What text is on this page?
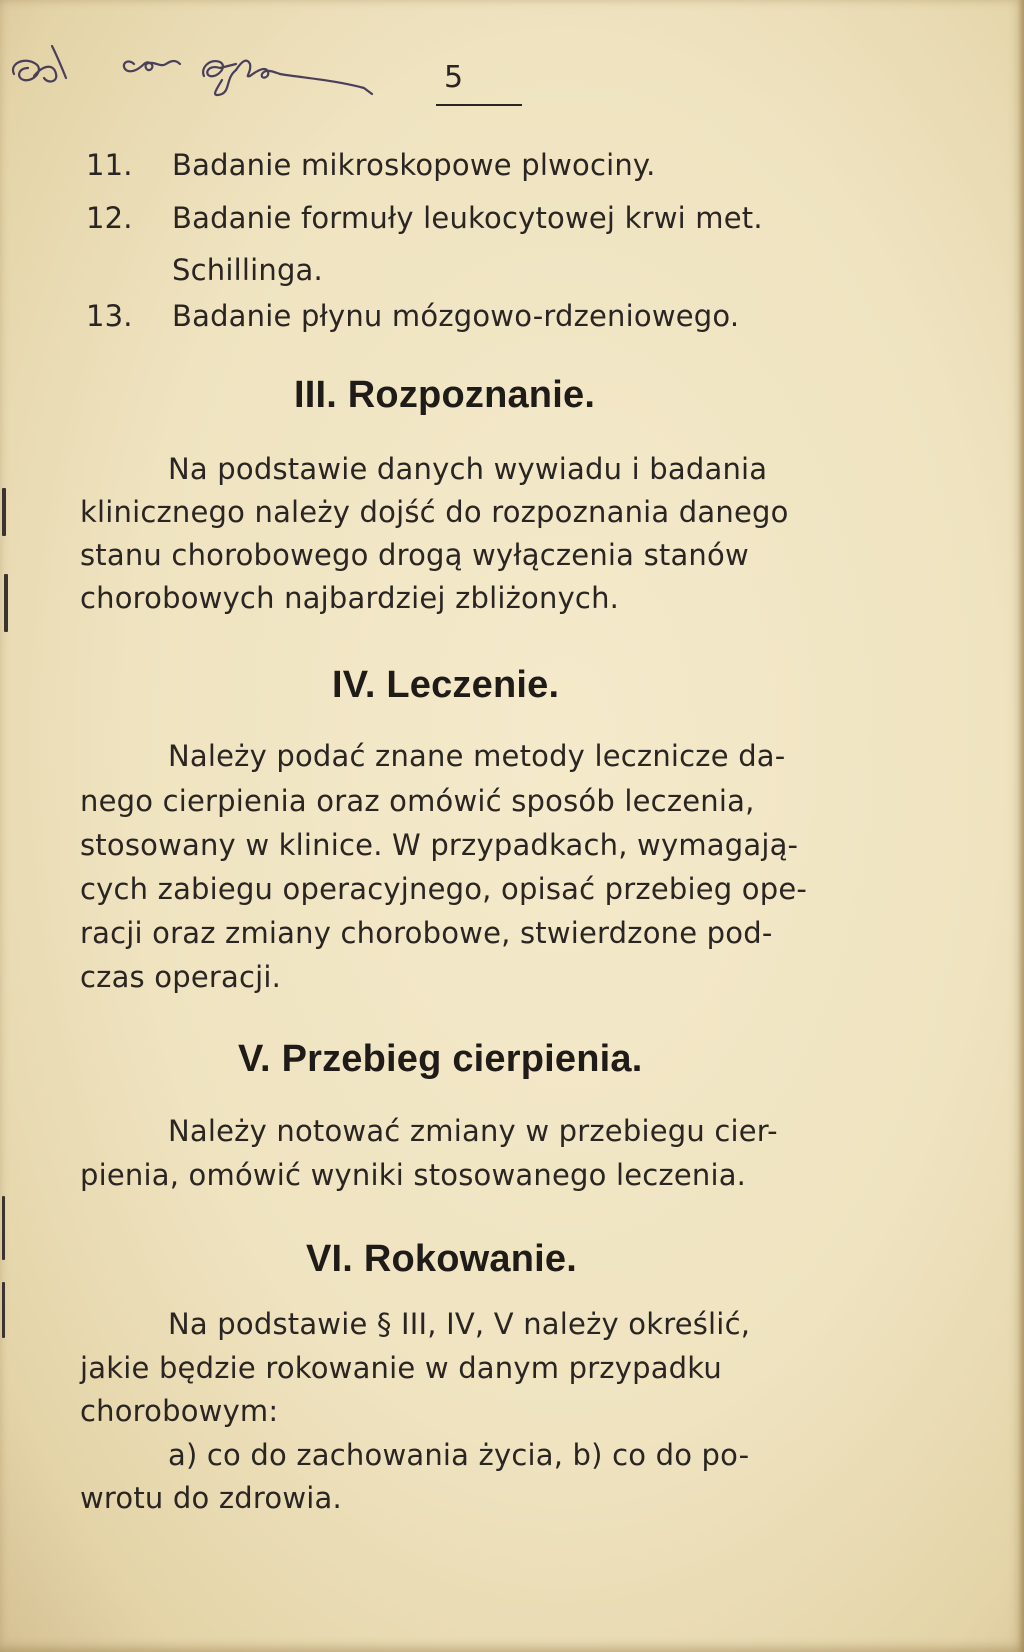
5
11. Badanie mikroskopowe plwociny.
12. Badanie formuły leukocytowej krwi met.
Schillinga.
13. Badanie płynu mózgowo-rdzeniowego.
III. Rozpoznanie.
Na podstawie danych wywiadu i badania
klinicznego należy dojść do rozpoznania danego
stanu chorobowego drogą wyłączenia stanów
chorobowych najbardziej zbliżonych.
IV. Leczenie.
Należy podać znane metody lecznicze da-
nego cierpienia oraz omówić sposób leczenia,
stosowany w klinice. W przypadkach, wymagają-
cych zabiegu operacyjnego, opisać przebieg ope-
racji oraz zmiany chorobowe, stwierdzone pod-
czas operacji.
V. Przebieg cierpienia.
Należy notować zmiany w przebiegu cier-
pienia, omówić wyniki stosowanego leczenia.
VI. Rokowanie.
Na podstawie § III, IV, V należy określić,
jakie będzie rokowanie w danym przypadku
chorobowym:
a) co do zachowania życia, b) co do po-
wrotu do zdrowia.
